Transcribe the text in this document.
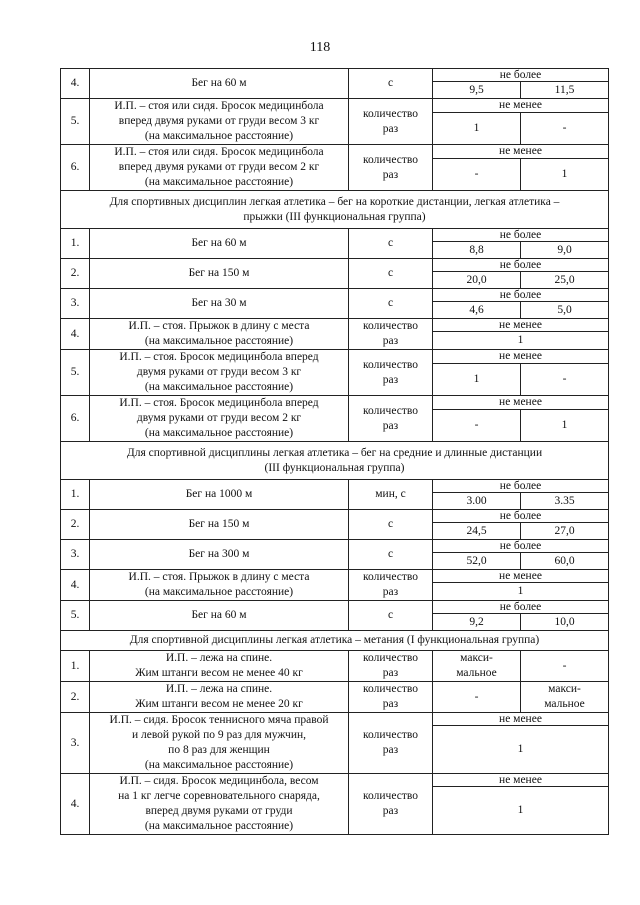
118
4.	Бег на 60 м	с	не более	
			9,5	11,5
5.	И.П. – стоя или сидя. Бросок медицинбола
вперед двумя руками от груди весом 3 кг
(на максимальное расстояние)	количество
раз	не менее	
			1	-
6.	И.П. – стоя или сидя. Бросок медицинбола
вперед двумя руками от груди весом 2 кг
(на максимальное расстояние)	количество
раз	не менее	
			-	1
Для спортивных дисциплин легкая атлетика – бег на короткие дистанции, легкая атлетика –
прыжки (III функциональная группа)				
1.	Бег на 60 м	с	не более	
			8,8	9,0
2.	Бег на 150 м	с	не более	
			20,0	25,0
3.	Бег на 30 м	с	не более	
			4,6	5,0
4.	И.П. – стоя. Прыжок в длину с места
(на максимальное расстояние)	количество
раз	не менее	
			1	
5.	И.П. – стоя. Бросок медицинбола вперед
двумя руками от груди весом 3 кг
(на максимальное расстояние)	количество
раз	не менее	
			1	-
6.	И.П. – стоя. Бросок медицинбола вперед
двумя руками от груди весом 2 кг
(на максимальное расстояние)	количество
раз	не менее	
			-	1
Для спортивной дисциплины легкая атлетика – бег на средние и длинные дистанции
(III функциональная группа)				
1.	Бег на 1000 м	мин, с	не более	
			3.00	3.35
2.	Бег на 150 м	с	не более	
			24,5	27,0
3.	Бег на 300 м	с	не более	
			52,0	60,0
4.	И.П. – стоя. Прыжок в длину с места
(на максимальное расстояние)	количество
раз	не менее	
			1	
5.	Бег на 60 м	с	не более	
			9,2	10,0
Для спортивной дисциплины легкая атлетика – метания (I функциональная группа)				
1.	И.П. – лежа на спине.
Жим штанги весом не менее 40 кг	количество
раз	макси-
мальное	-
2.	И.П. – лежа на спине.
Жим штанги весом не менее 20 кг	количество
раз	-	макси-
мальное
3.	И.П. – сидя. Бросок теннисного мяча правой
и левой рукой по 9 раз для мужчин,
по 8 раз для женщин
(на максимальное расстояние)	количество
раз	не менее	
			1	
4.	И.П. – сидя. Бросок медицинбола, весом
на 1 кг легче соревновательного снаряда,
вперед двумя руками от груди
(на максимальное расстояние)	количество
раз	не менее	
			1	
